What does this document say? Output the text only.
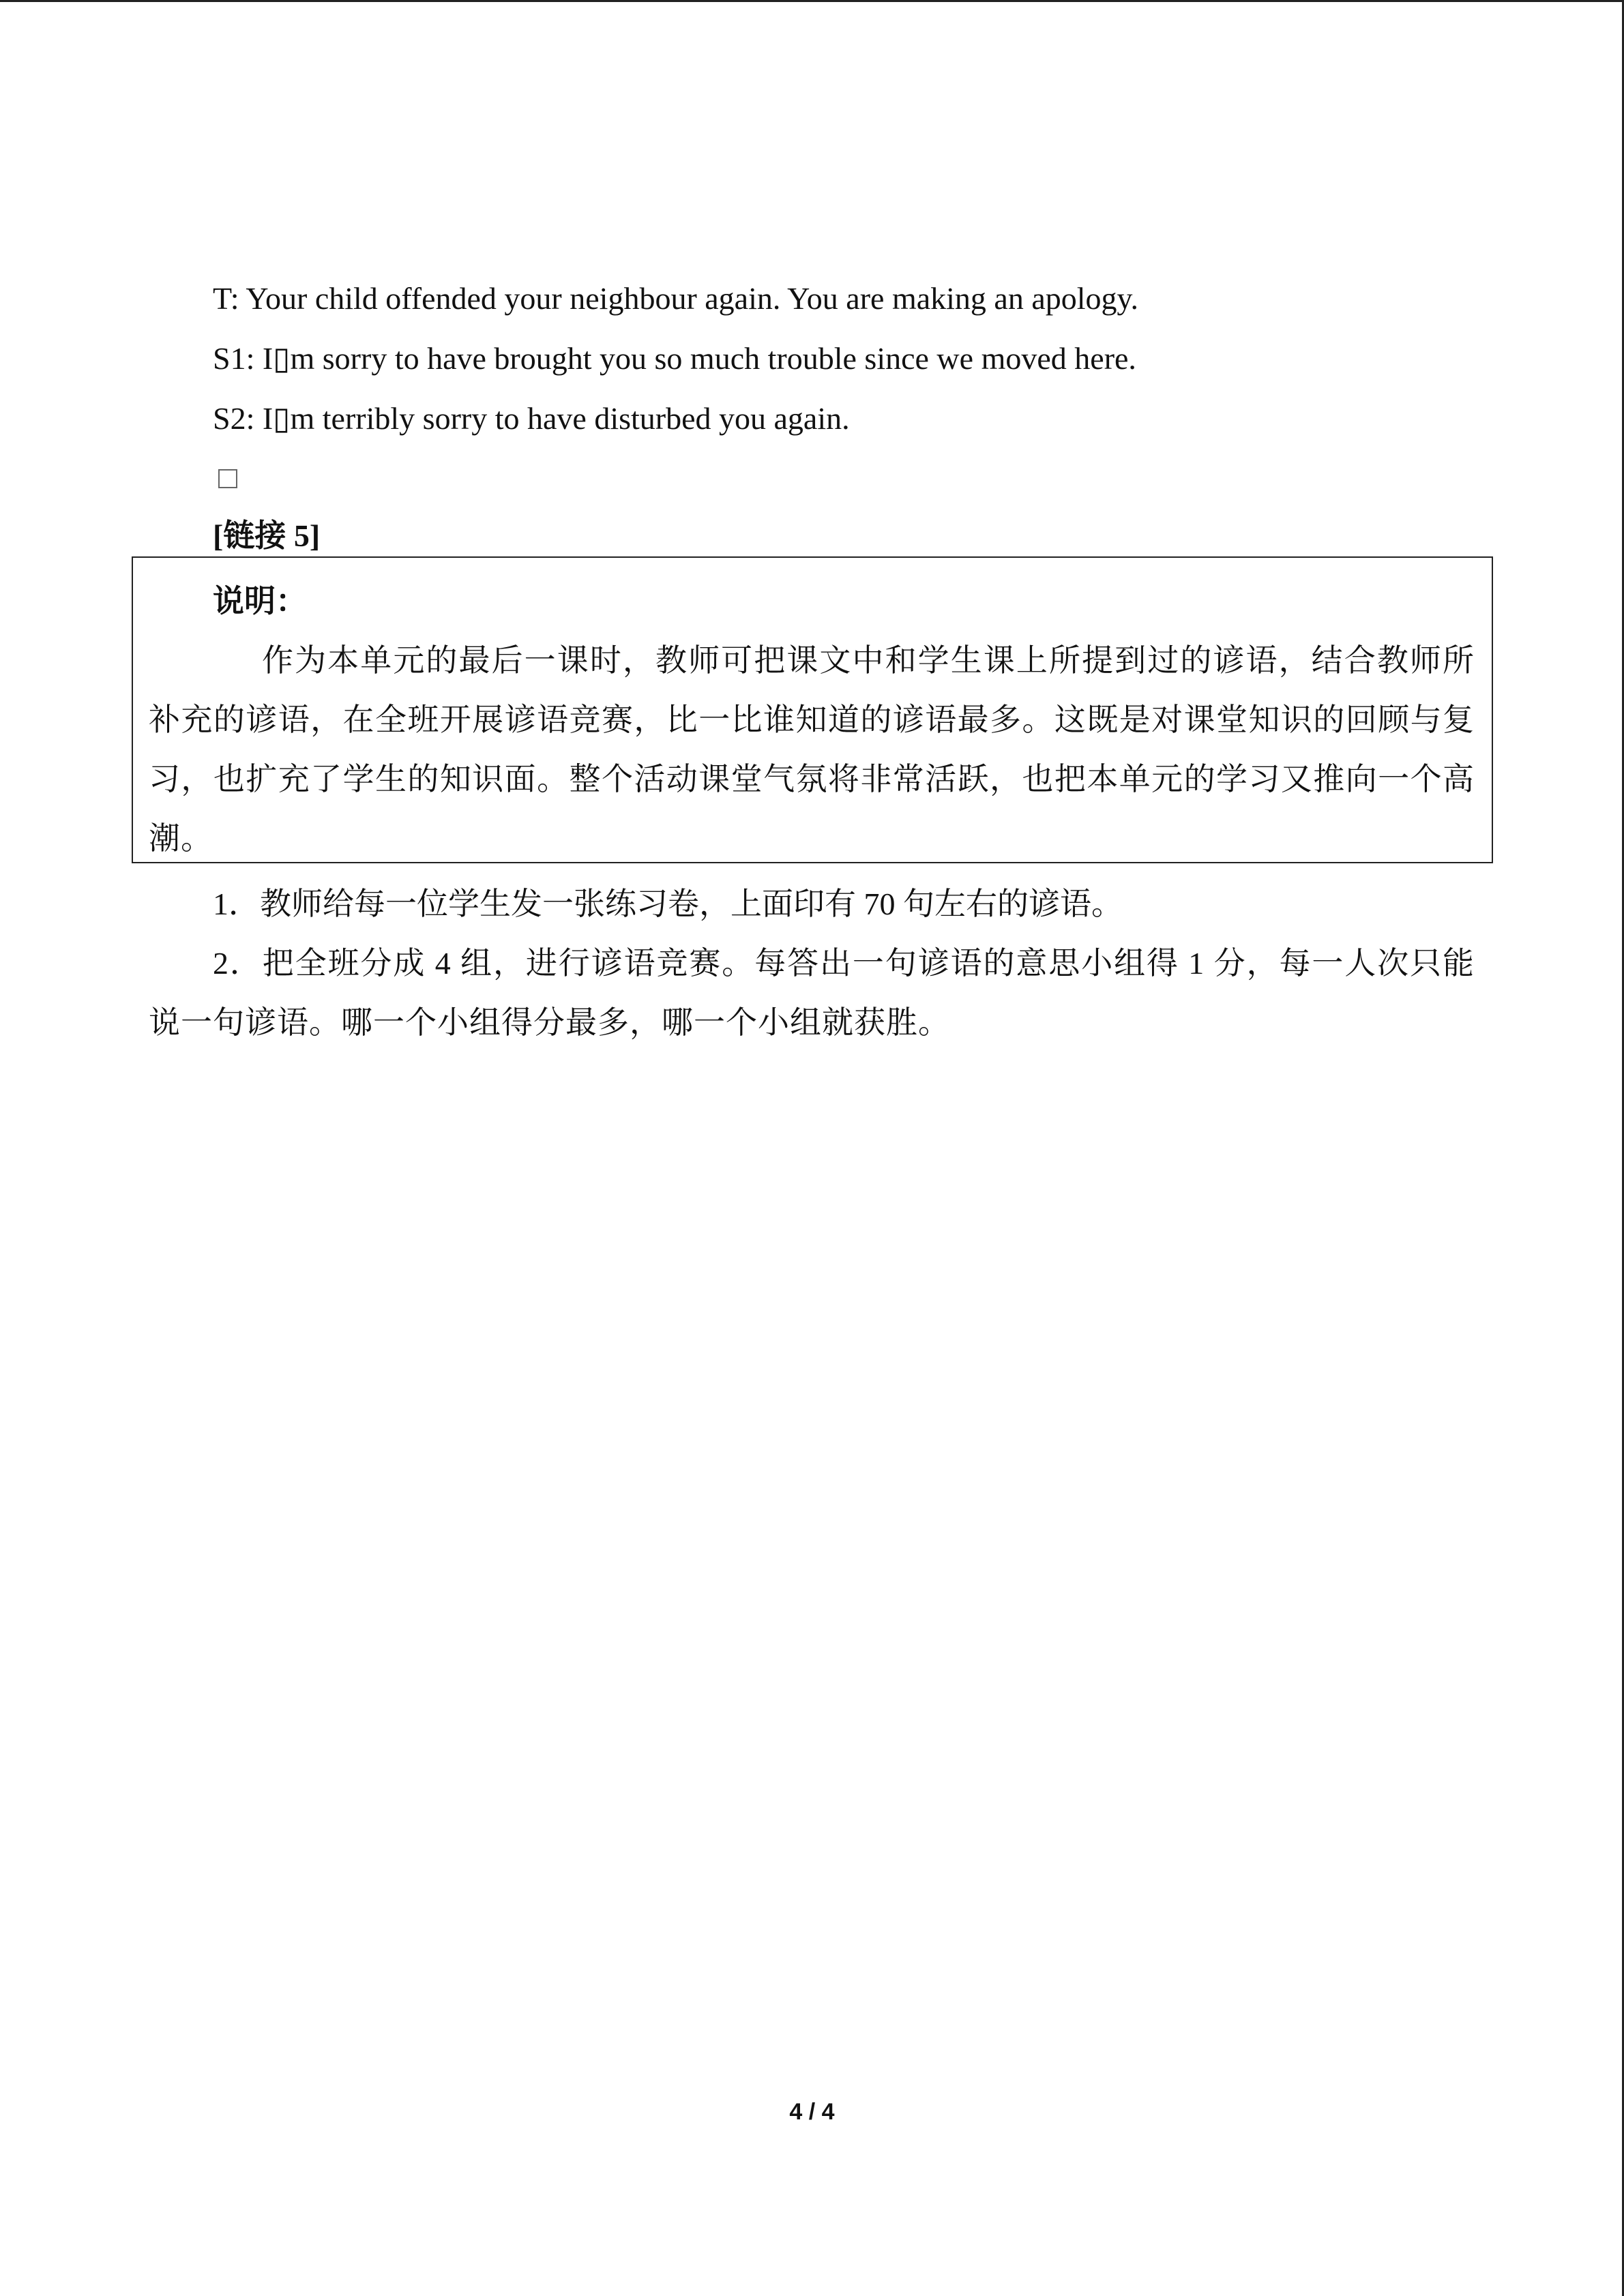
T: Your child offended your neighbour again. You are making an apology.
S1: I▯m sorry to have brought you so much trouble since we moved here.
S2: I▯m terribly sorry to have disturbed you again.
[链接 5]
说明：
作为本单元的最后一课时，教师可把课文中和学生课上所提到过的谚语，结合教师所补充的谚语，在全班开展谚语竞赛，比一比谁知道的谚语最多。这既是对课堂知识的回顾与复习，也扩充了学生的知识面。整个活动课堂气氛将非常活跃，也把本单元的学习又推向一个高潮。
1．教师给每一位学生发一张练习卷，上面印有 70 句左右的谚语。
2．把全班分成 4 组，进行谚语竞赛。每答出一句谚语的意思小组得 1 分，每一人次只能说一句谚语。哪一个小组得分最多，哪一个小组就获胜。
4 / 4
